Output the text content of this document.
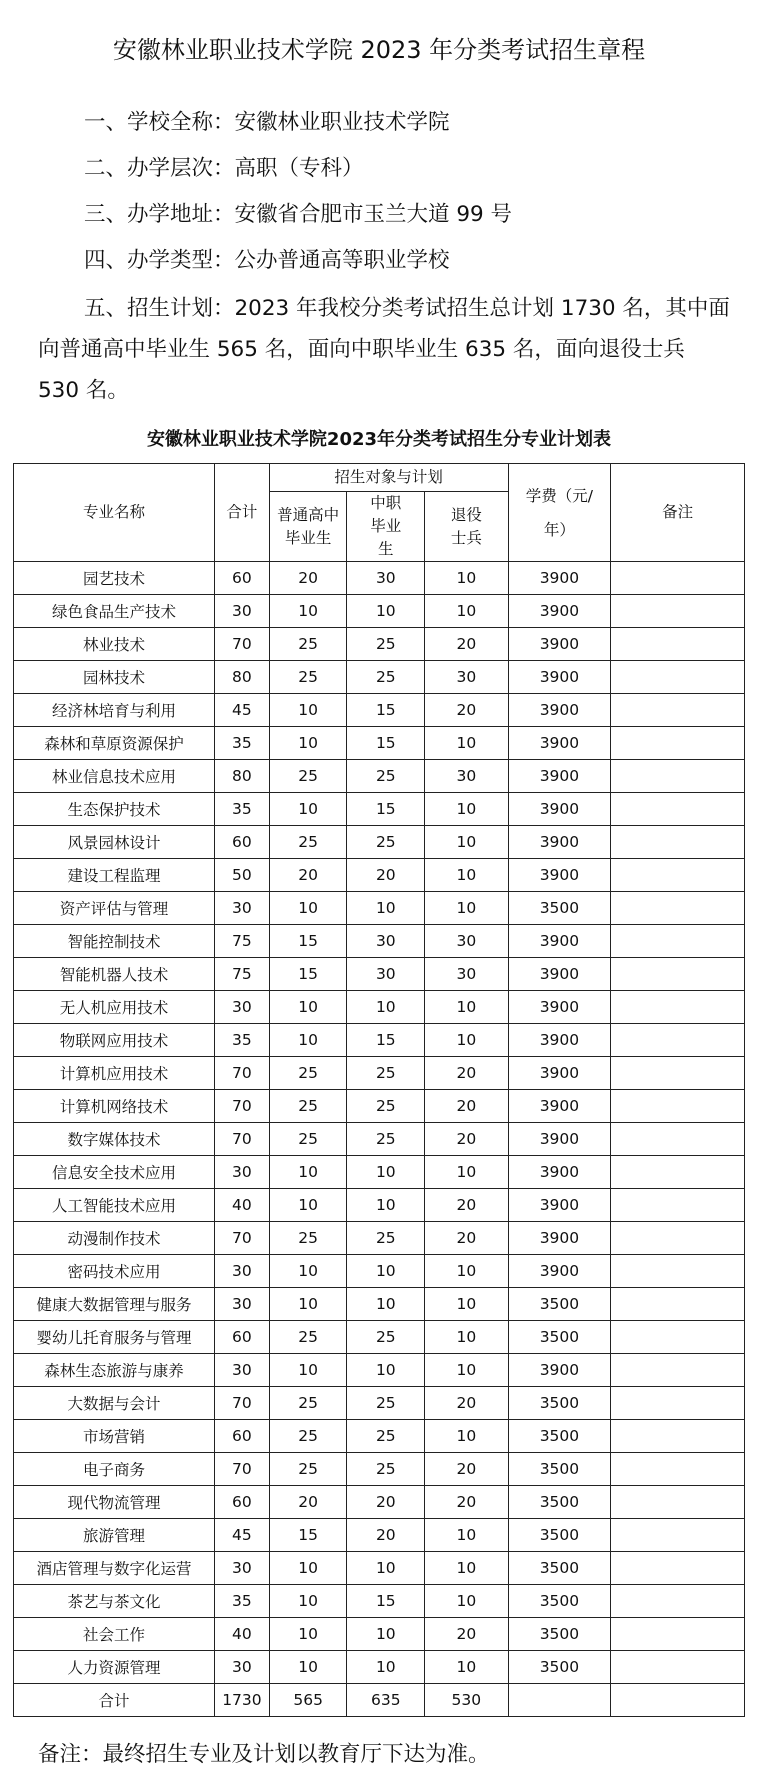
安徽林业职业技术学院 2023 年分类考试招生章程

一、学校全称：安徽林业职业技术学院

二、办学层次：高职（专科）

三、办学地址：安徽省合肥市玉兰大道 99 号

四、办学类型：公办普通高等职业学校

五、招生计划：2023 年我校分类考试招生总计划 1730 名，其中面向普通高中毕业生 565 名，面向中职毕业生 635 名，面向退役士兵 530 名。

安徽林业职业技术学院2023年分类考试招生分专业计划表
专业名称	合计	招生对象与计划			学费（元/年）	备注
		普通高中毕业生	中职毕业生	退役士兵		
园艺技术	60	20	30	10	3900	
绿色食品生产技术	30	10	10	10	3900	
林业技术	70	25	25	20	3900	
园林技术	80	25	25	30	3900	
经济林培育与利用	45	10	15	20	3900	
森林和草原资源保护	35	10	15	10	3900	
林业信息技术应用	80	25	25	30	3900	
生态保护技术	35	10	15	10	3900	
风景园林设计	60	25	25	10	3900	
建设工程监理	50	20	20	10	3900	
资产评估与管理	30	10	10	10	3500	
智能控制技术	75	15	30	30	3900	
智能机器人技术	75	15	30	30	3900	
无人机应用技术	30	10	10	10	3900	
物联网应用技术	35	10	15	10	3900	
计算机应用技术	70	25	25	20	3900	
计算机网络技术	70	25	25	20	3900	
数字媒体技术	70	25	25	20	3900	
信息安全技术应用	30	10	10	10	3900	
人工智能技术应用	40	10	10	20	3900	
动漫制作技术	70	25	25	20	3900	
密码技术应用	30	10	10	10	3900	
健康大数据管理与服务	30	10	10	10	3500	
婴幼儿托育服务与管理	60	25	25	10	3500	
森林生态旅游与康养	30	10	10	10	3900	
大数据与会计	70	25	25	20	3500	
市场营销	60	25	25	10	3500	
电子商务	70	25	25	20	3500	
现代物流管理	60	20	20	20	3500	
旅游管理	45	15	20	10	3500	
酒店管理与数字化运营	30	10	10	10	3500	
茶艺与茶文化	35	10	15	10	3500	
社会工作	40	10	10	20	3500	
人力资源管理	30	10	10	10	3500	
合计	1730	565	635	530		

备注：最终招生专业及计划以教育厅下达为准。
